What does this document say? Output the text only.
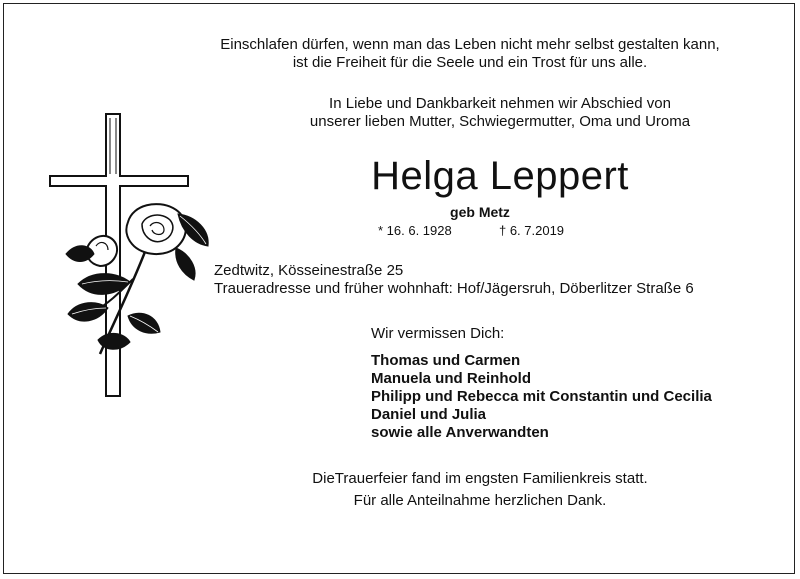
Einschlafen dürfen, wenn man das Leben nicht mehr selbst gestalten kann,
ist die Freiheit für die Seele und ein Trost für uns alle.
In Liebe und Dankbarkeit nehmen wir Abschied von
unserer lieben Mutter, Schwiegermutter, Oma und Uroma
Helga Leppert
geb Metz
* 16. 6. 1928	† 6. 7.2019
Zedtwitz, Kösseinestraße 25
Traueradresse und früher wohnhaft: Hof/Jägersruh, Döberlitzer Straße 6
Wir vermissen Dich:
Thomas und Carmen
Manuela und Reinhold
Philipp und Rebecca mit Constantin und Cecilia
Daniel und Julia
sowie alle Anverwandten
DieTrauerfeier fand im engsten Familienkreis statt.
Für alle Anteilnahme herzlichen Dank.
